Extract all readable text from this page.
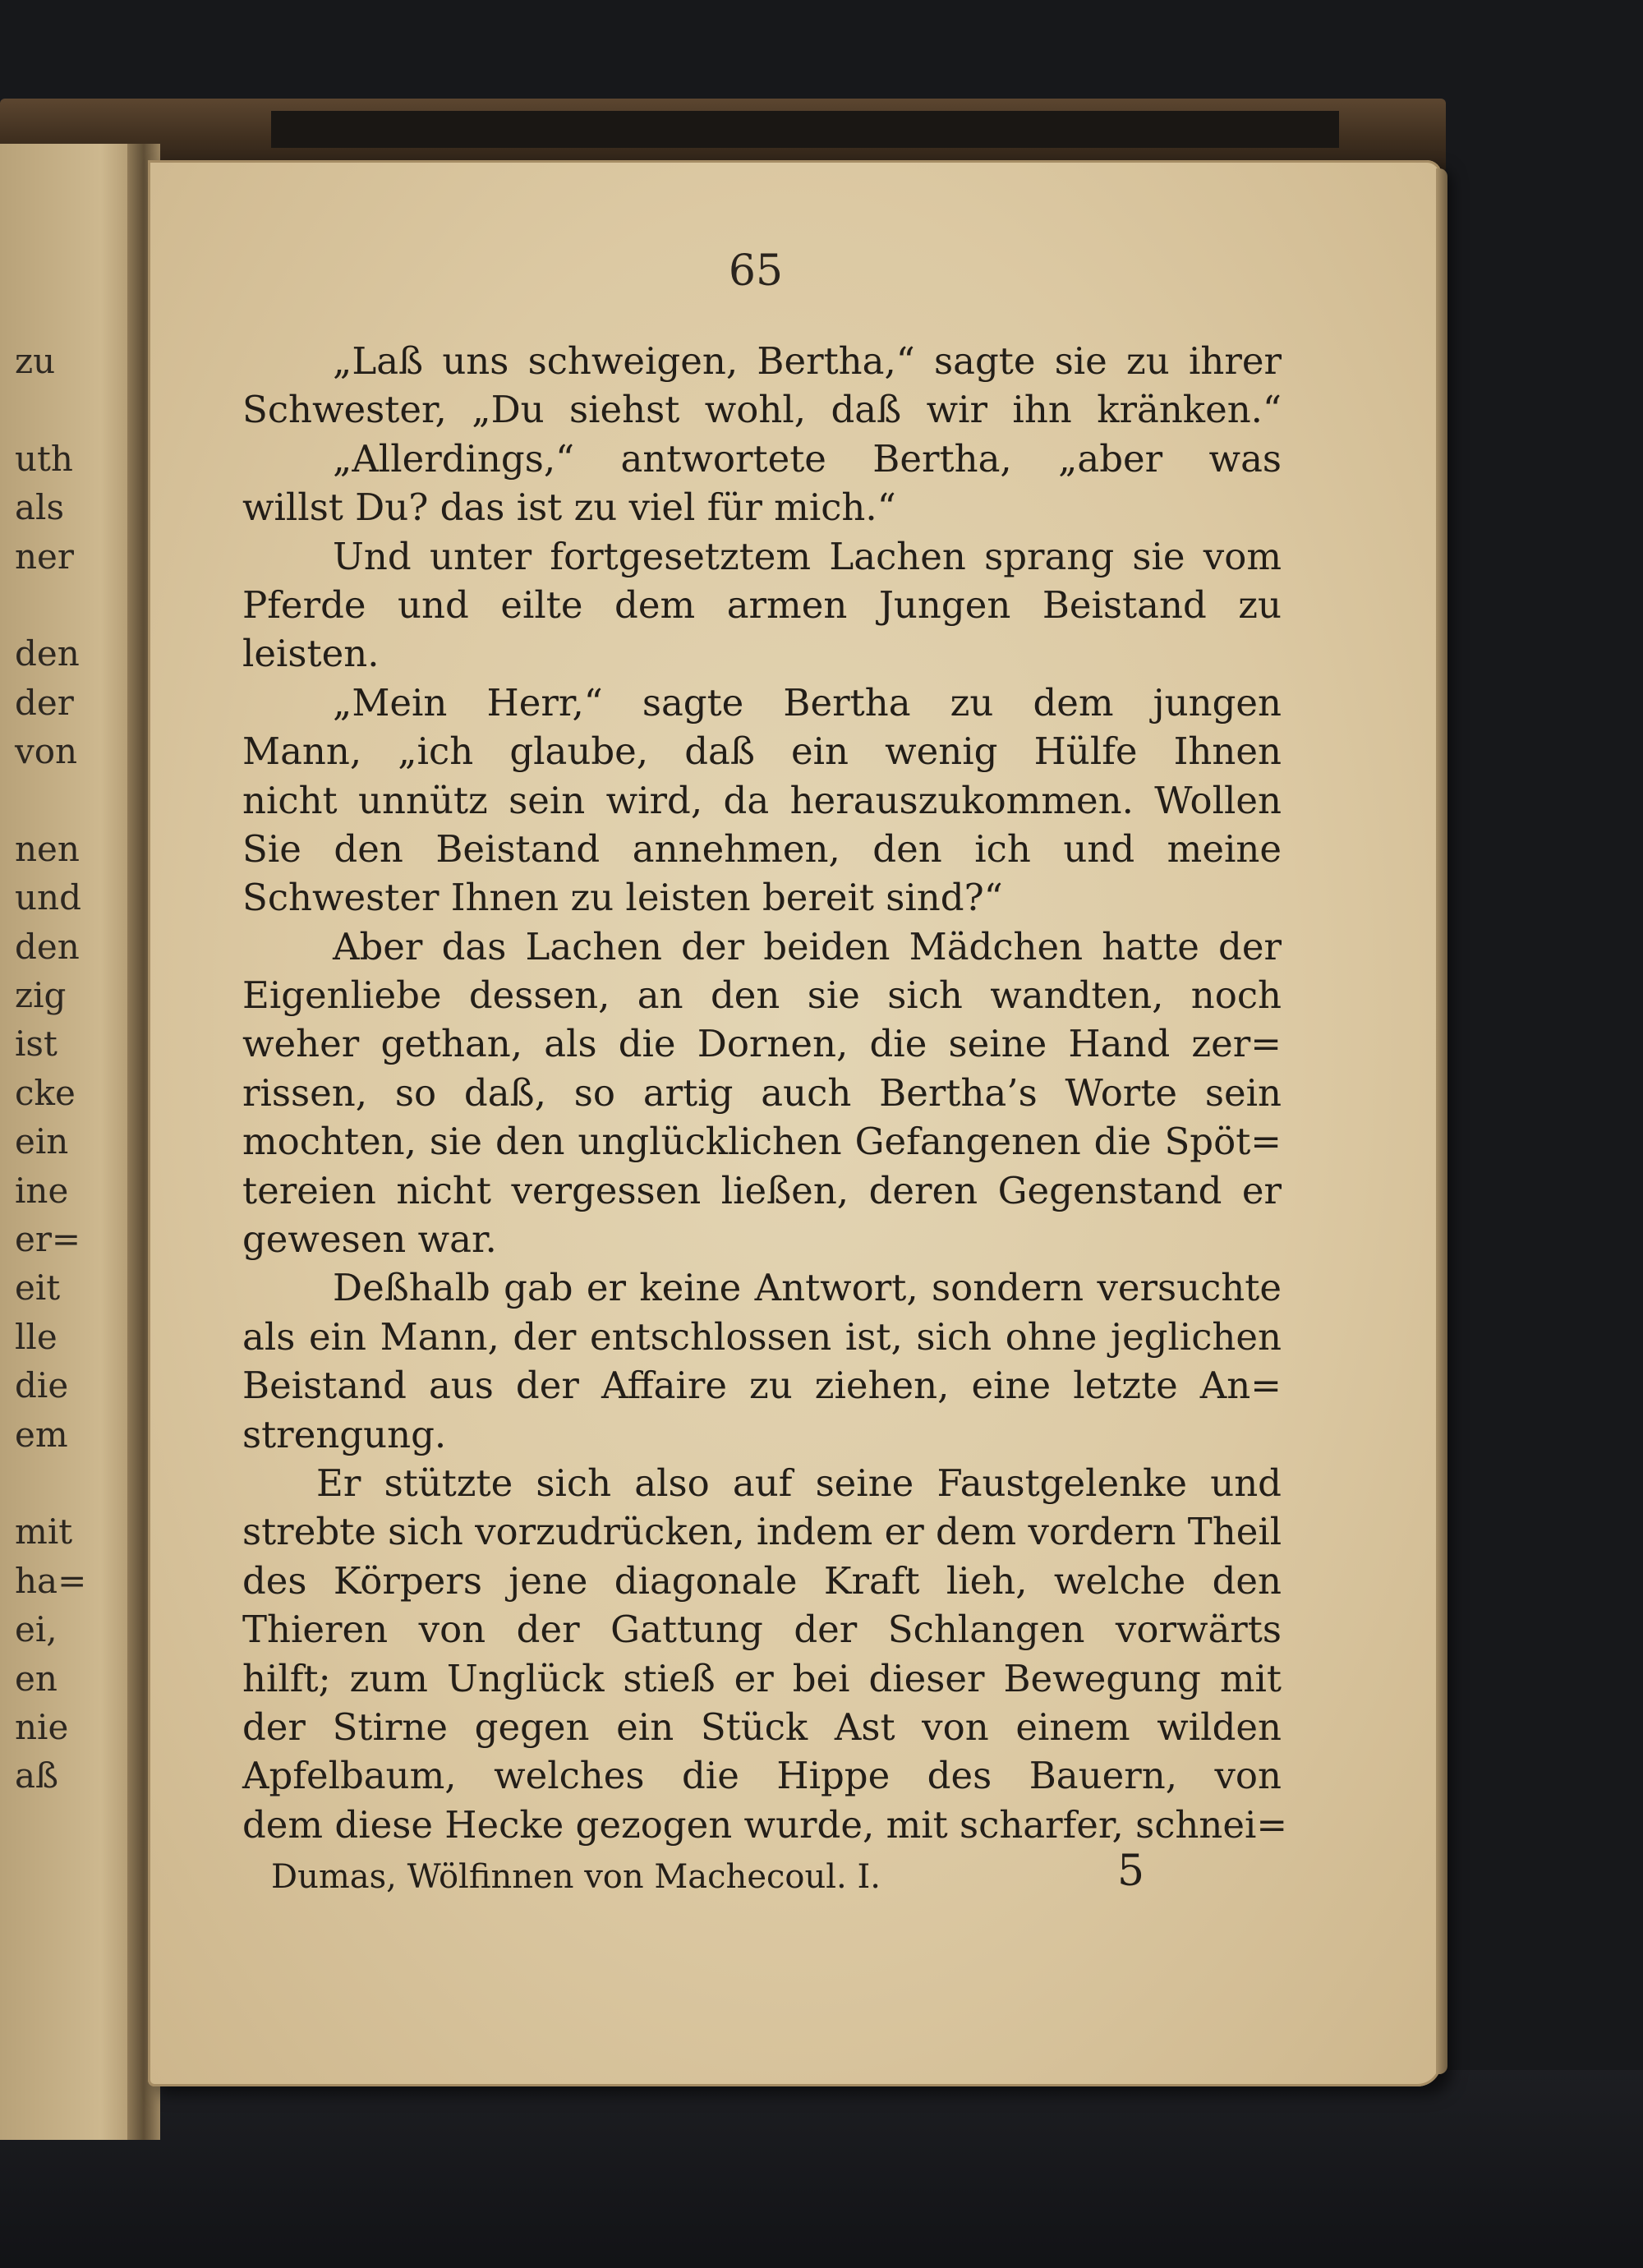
zu
uth
als
ner
den
der
von
nen
und
den
zig
ist
cke
ein
ine
er=
eit
lle
die
em
mit
ha=
ei,
en
nie
aß
65
„Laß uns schweigen, Bertha,“ sagte sie zu ihrer
Schwester, „Du siehst wohl, daß wir ihn kränken.“
„Allerdings,“ antwortete Bertha, „aber was
willst Du? das ist zu viel für mich.“
Und unter fortgesetztem Lachen sprang sie vom
Pferde und eilte dem armen Jungen Beistand zu
leisten.
„Mein Herr,“ sagte Bertha zu dem jungen
Mann, „ich glaube, daß ein wenig Hülfe Ihnen
nicht unnütz sein wird, da herauszukommen. Wollen
Sie den Beistand annehmen, den ich und meine
Schwester Ihnen zu leisten bereit sind?“
Aber das Lachen der beiden Mädchen hatte der
Eigenliebe dessen, an den sie sich wandten, noch
weher gethan, als die Dornen, die seine Hand zer=
rissen, so daß, so artig auch Bertha’s Worte sein
mochten, sie den unglücklichen Gefangenen die Spöt=
tereien nicht vergessen ließen, deren Gegenstand er
gewesen war.
Deßhalb gab er keine Antwort, sondern versuchte
als ein Mann, der entschlossen ist, sich ohne jeglichen
Beistand aus der Affaire zu ziehen, eine letzte An=
strengung.
Er stützte sich also auf seine Faustgelenke und
strebte sich vorzudrücken, indem er dem vordern Theil
des Körpers jene diagonale Kraft lieh, welche den
Thieren von der Gattung der Schlangen vorwärts
hilft; zum Unglück stieß er bei dieser Bewegung mit
der Stirne gegen ein Stück Ast von einem wilden
Apfelbaum, welches die Hippe des Bauern, von
dem diese Hecke gezogen wurde, mit scharfer, schnei=
Dumas, Wölfinnen von Machecoul. I.	5
